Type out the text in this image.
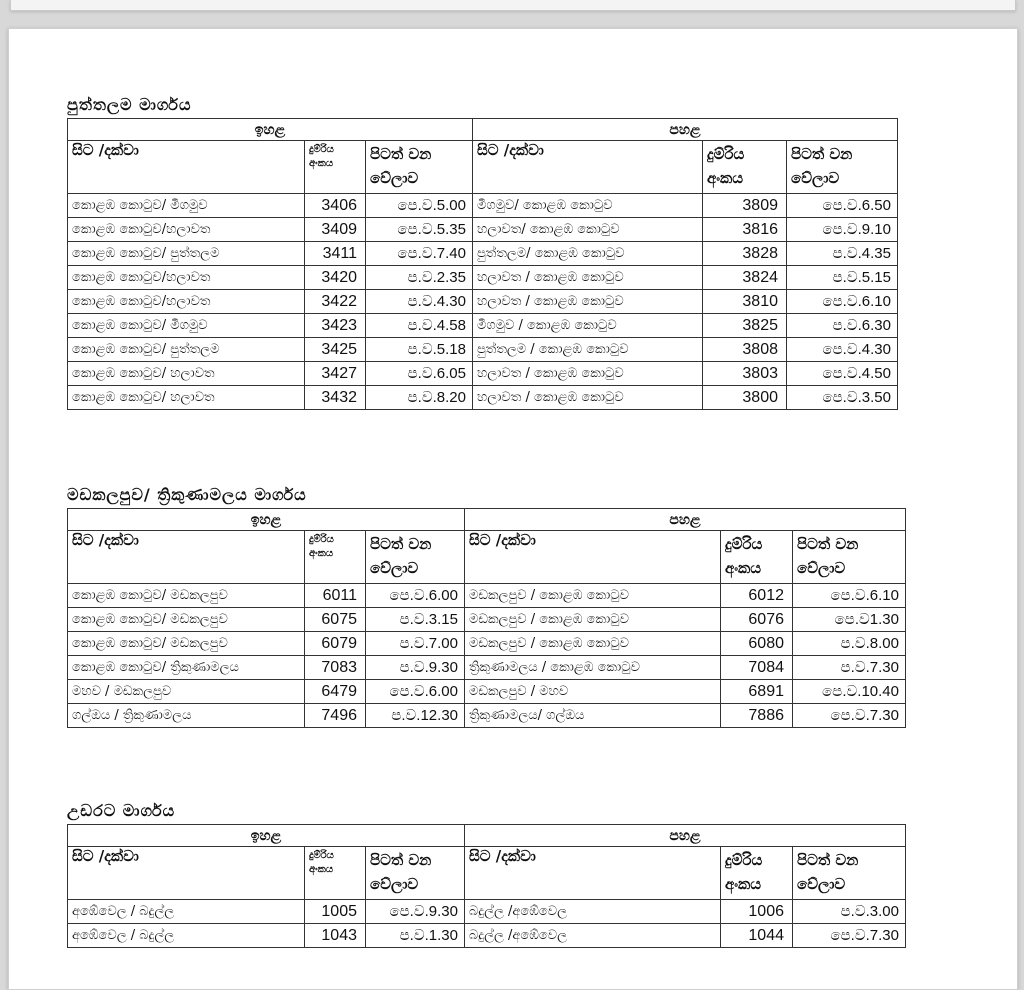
පුත්තලම මාර්ගය
ඉහළ			පහළ		
සිට /දක්වා	දුම්රිය අංකය	පිටත් වන වේලාව	සිට /දක්වා	දුම්රිය අංකය	පිටත් වන වේලාව
කොළඹ කොටුව/ මීගමුව	3406	පෙ.ව.5.00	මීගමුව/ කොළඹ කොටුව	3809	පෙ.ව.6.50
කොළඹ කොටුව/හලාවත	3409	පෙ.ව.5.35	හලාවත/ කොළඹ කොටුව	3816	පෙ.ව.9.10
කොළඹ කොටුව/ පුත්තලම	3411	පෙ.ව.7.40	පුත්තලම/ කොළඹ කොටුව	3828	ප.ව.4.35
කොළඹ කොටුව/හලාවත	3420	ප.ව.2.35	හලාවත / කොළඹ කොටුව	3824	ප.ව.5.15
කොළඹ කොටුව/හලාවත	3422	ප.ව.4.30	හලාවත / කොළඹ කොටුව	3810	පෙ.ව.6.10
කොළඹ කොටුව/ මීගමුව	3423	ප.ව.4.58	මීගමුව / කොළඹ කොටුව	3825	ප.ව.6.30
කොළඹ කොටුව/ පුත්තලම	3425	ප.ව.5.18	පුත්තලම / කොළඹ කොටුව	3808	පෙ.ව.4.30
කොළඹ කොටුව/ හලාවත	3427	ප.ව.6.05	හලාවත / කොළඹ කොටුව	3803	පෙ.ව.4.50
කොළඹ කොටුව/ හලාවත	3432	ප.ව.8.20	හලාවත / කොළඹ කොටුව	3800	පෙ.ව.3.50
මඩකලපුව/ ත්‍රිකුණාමලය මාර්ගය
ඉහළ			පහළ		
සිට /දක්වා	දුම්රිය අංකය	පිටත් වන වේලාව	සිට /දක්වා	දුම්රිය අංකය	පිටත් වන වේලාව
කොළඹ කොටුව/ මඩකලපුව	6011	පෙ.ව.6.00	මඩකලපුව / කොළඹ කොටුව	6012	පෙ.ව.6.10
කොළඹ කොටුව/ මඩකලපුව	6075	ප.ව.3.15	මඩකලපුව / කොළඹ කොටුව	6076	පෙ.ව1.30
කොළඹ කොටුව/ මඩකලපුව	6079	ප.ව.7.00	මඩකලපුව / කොළඹ කොටුව	6080	ප.ව.8.00
කොළඹ කොටුව/ ත්‍රිකුණාමලය	7083	ප.ව.9.30	ත්‍රිකුණාමලය / කොළඹ කොටුව	7084	ප.ව.7.30
මහව / මඩකලපුව	6479	පෙ.ව.6.00	මඩකලපුව / මහව	6891	පෙ.ව.10.40
ගල්ඔය / ත්‍රිකුණාමලය	7496	ප.ව.12.30	ත්‍රිකුණාමලය/ ගල්ඔය	7886	පෙ.ව.7.30
උඩරට මාර්ගය
ඉහළ			පහළ		
සිට /දක්වා	දුම්රිය අංකය	පිටත් වන වේලාව	සිට /දක්වා	දුම්රිය අංකය	පිටත් වන වේලාව
අඹේවෙල / බදුල්ල	1005	පෙ.ව.9.30	බදුල්ල /අඹේවෙල	1006	ප.ව.3.00
අඹේවෙල / බදුල්ල	1043	ප.ව.1.30	බදුල්ල /අඹේවෙල	1044	පෙ.ව.7.30
